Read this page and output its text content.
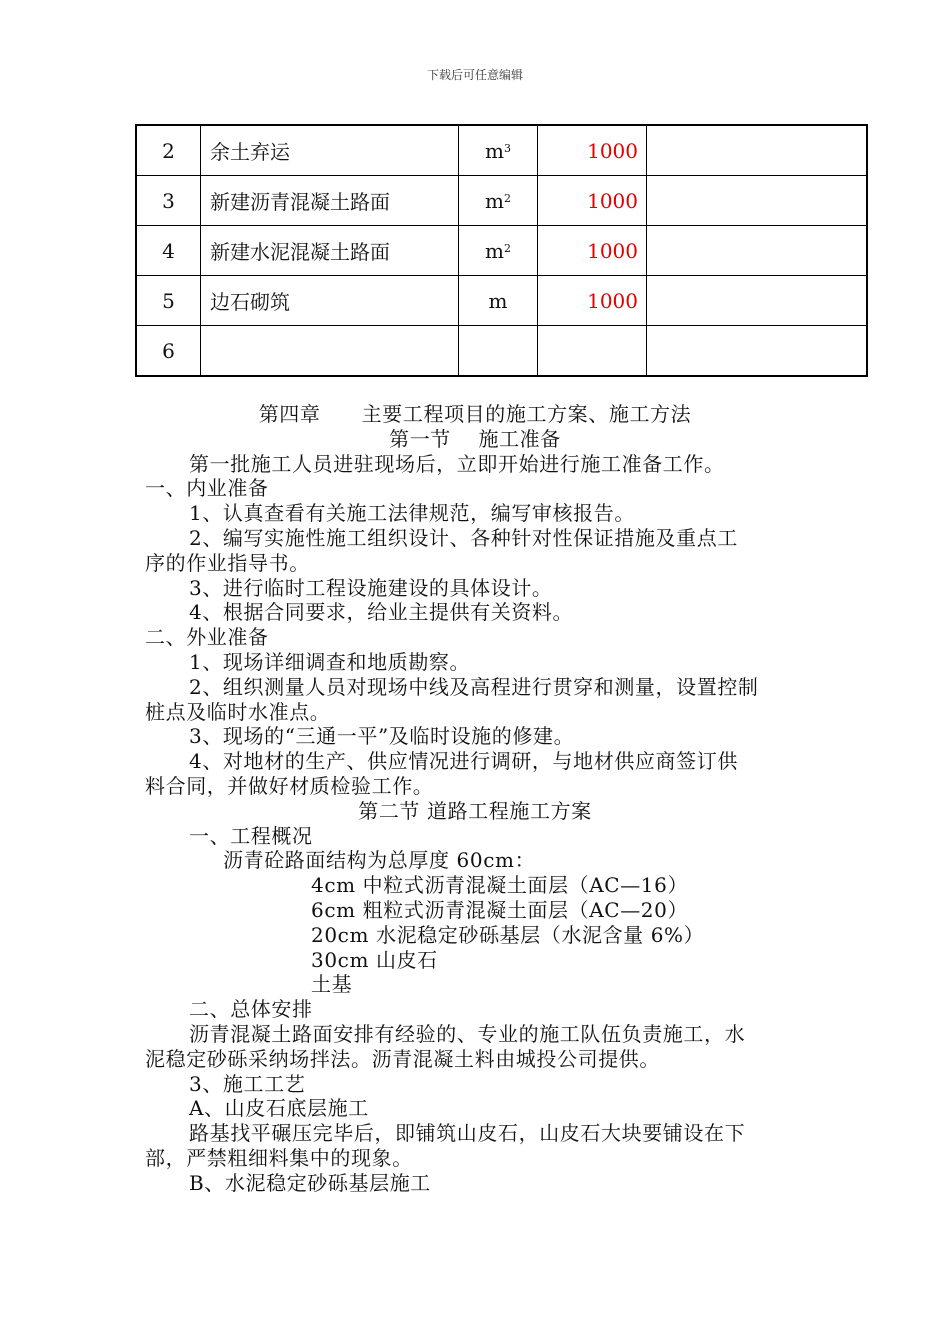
下载后可任意编辑
2	余土弃运	$m^3$	1000	
3	新建沥青混凝土路面	$m^2$	1000	
4	新建水泥混凝土路面	$m^2$	1000	
5	边石砌筑	m	1000	
6				
第四章　　主要工程项目的施工方案、施工方法
第一节　 施工准备
第一批施工人员进驻现场后，立即开始进行施工准备工作。
一、内业准备
1、认真查看有关施工法律规范，编写审核报告。
2、编写实施性施工组织设计、各种针对性保证措施及重点工
序的作业指导书。
3、进行临时工程设施建设的具体设计。
4、根据合同要求，给业主提供有关资料。
二、外业准备
1、现场详细调查和地质勘察。
2、组织测量人员对现场中线及高程进行贯穿和测量，设置控制
桩点及临时水准点。
3、现场的“三通一平”及临时设施的修建。
4、对地材的生产、供应情况进行调研，与地材供应商签订供
料合同，并做好材质检验工作。
第二节 道路工程施工方案
一、工程概况
沥青砼路面结构为总厚度 60cm：
4cm 中粒式沥青混凝土面层（AC—16）
6cm 粗粒式沥青混凝土面层（AC—20）
20cm 水泥稳定砂砾基层（水泥含量 6%）
30cm 山皮石
土基
二、总体安排
沥青混凝土路面安排有经验的、专业的施工队伍负责施工，水
泥稳定砂砾采纳场拌法。沥青混凝土料由城投公司提供。
3、施工工艺
A、山皮石底层施工
路基找平碾压完毕后，即铺筑山皮石，山皮石大块要铺设在下
部，严禁粗细料集中的现象。
B、水泥稳定砂砾基层施工
